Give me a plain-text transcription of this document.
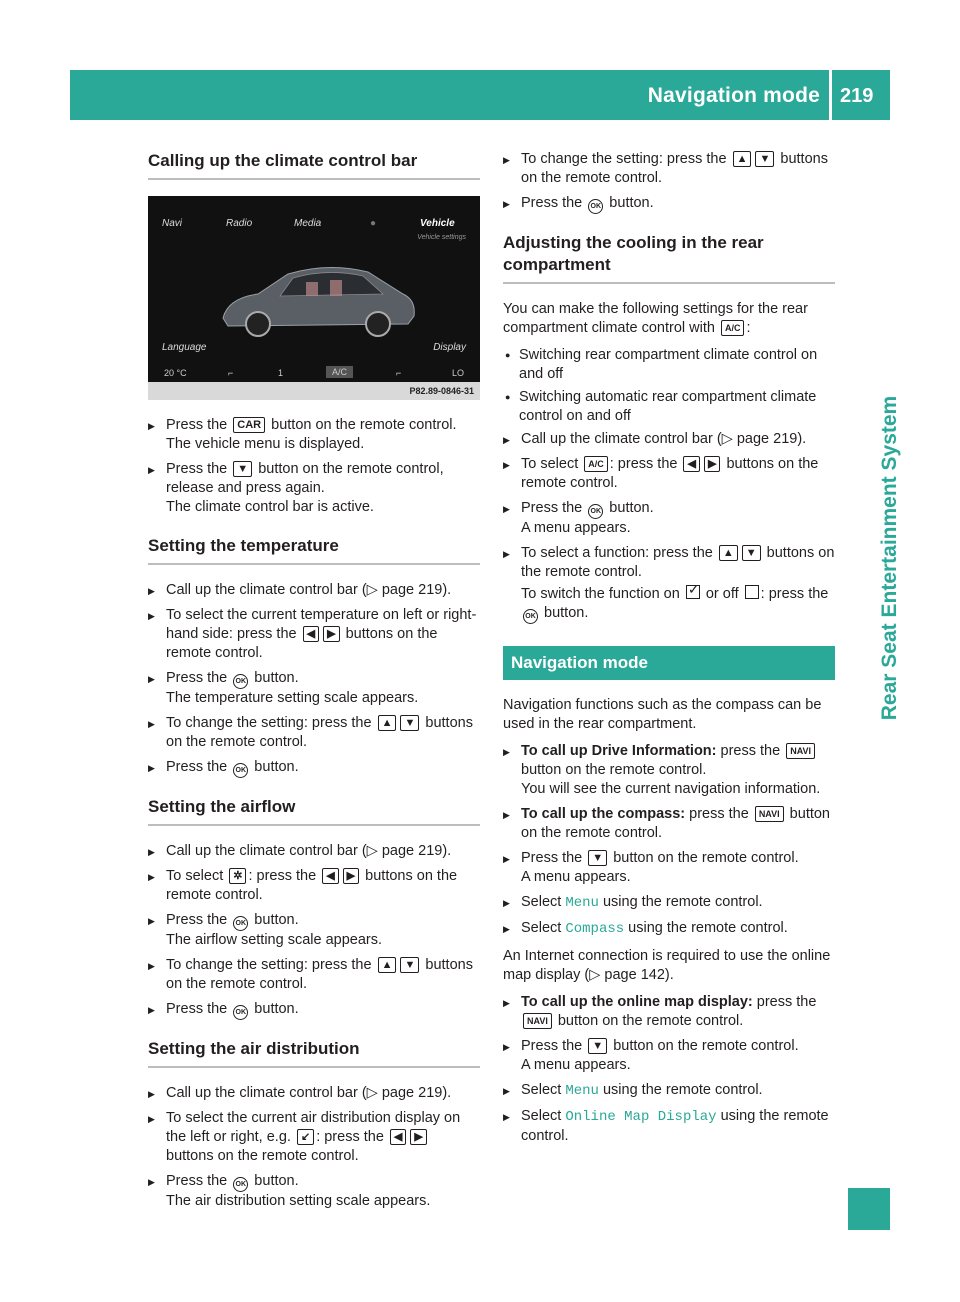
Navigation mode 219
Rear Seat Entertainment System
Calling up the climate control bar
Navi	Radio	Media	●	Vehicle
Vehicle settings
Language	Display
20 °C	⌐	1	A/C	⌐	LO
P82.89-0846-31
▶ Press the CAR button on the remote control.
The vehicle menu is displayed.
▶ Press the ▼ button on the remote control, release and press again.
The climate control bar is active.
Setting the temperature
▶ Call up the climate control bar (▷ page 219).
▶ To select the current temperature on left or right-hand side: press the ◀ ▶ buttons on the remote control.
▶ Press the OK button.
The temperature setting scale appears.
▶ To change the setting: press the ▲ ▼ buttons on the remote control.
▶ Press the OK button.
Setting the airflow
▶ Call up the climate control bar (▷ page 219).
▶ To select ✲ : press the ◀ ▶ buttons on the remote control.
▶ Press the OK button.
The airflow setting scale appears.
▶ To change the setting: press the ▲ ▼ buttons on the remote control.
▶ Press the OK button.
Setting the air distribution
▶ Call up the climate control bar (▷ page 219).
▶ To select the current air distribution display on the left or right, e.g. ↙ : press the ◀ ▶ buttons on the remote control.
▶ Press the OK button.
The air distribution setting scale appears.
▶ To change the setting: press the ▲ ▼ buttons on the remote control.
▶ Press the OK button.
Adjusting the cooling in the rear compartment
You can make the following settings for the rear compartment climate control with A/C :
● Switching rear compartment climate control on and off
● Switching automatic rear compartment climate control on and off
▶ Call up the climate control bar (▷ page 219).
▶ To select A/C : press the ◀ ▶ buttons on the remote control.
▶ Press the OK button.
A menu appears.
▶ To select a function: press the ▲ ▼ buttons on the remote control.
To switch the function on ✓ or off : press the OK button.
Navigation mode
Navigation functions such as the compass can be used in the rear compartment.
▶ To call up Drive Information: press the NAVI button on the remote control.
You will see the current navigation information.
▶ To call up the compass: press the NAVI button on the remote control.
▶ Press the ▼ button on the remote control.
A menu appears.
▶ Select Menu using the remote control.
▶ Select Compass using the remote control.
An Internet connection is required to use the online map display (▷ page 142).
▶ To call up the online map display: press the NAVI button on the remote control.
▶ Press the ▼ button on the remote control.
A menu appears.
▶ Select Menu using the remote control.
▶ Select Online Map Display using the remote control.
